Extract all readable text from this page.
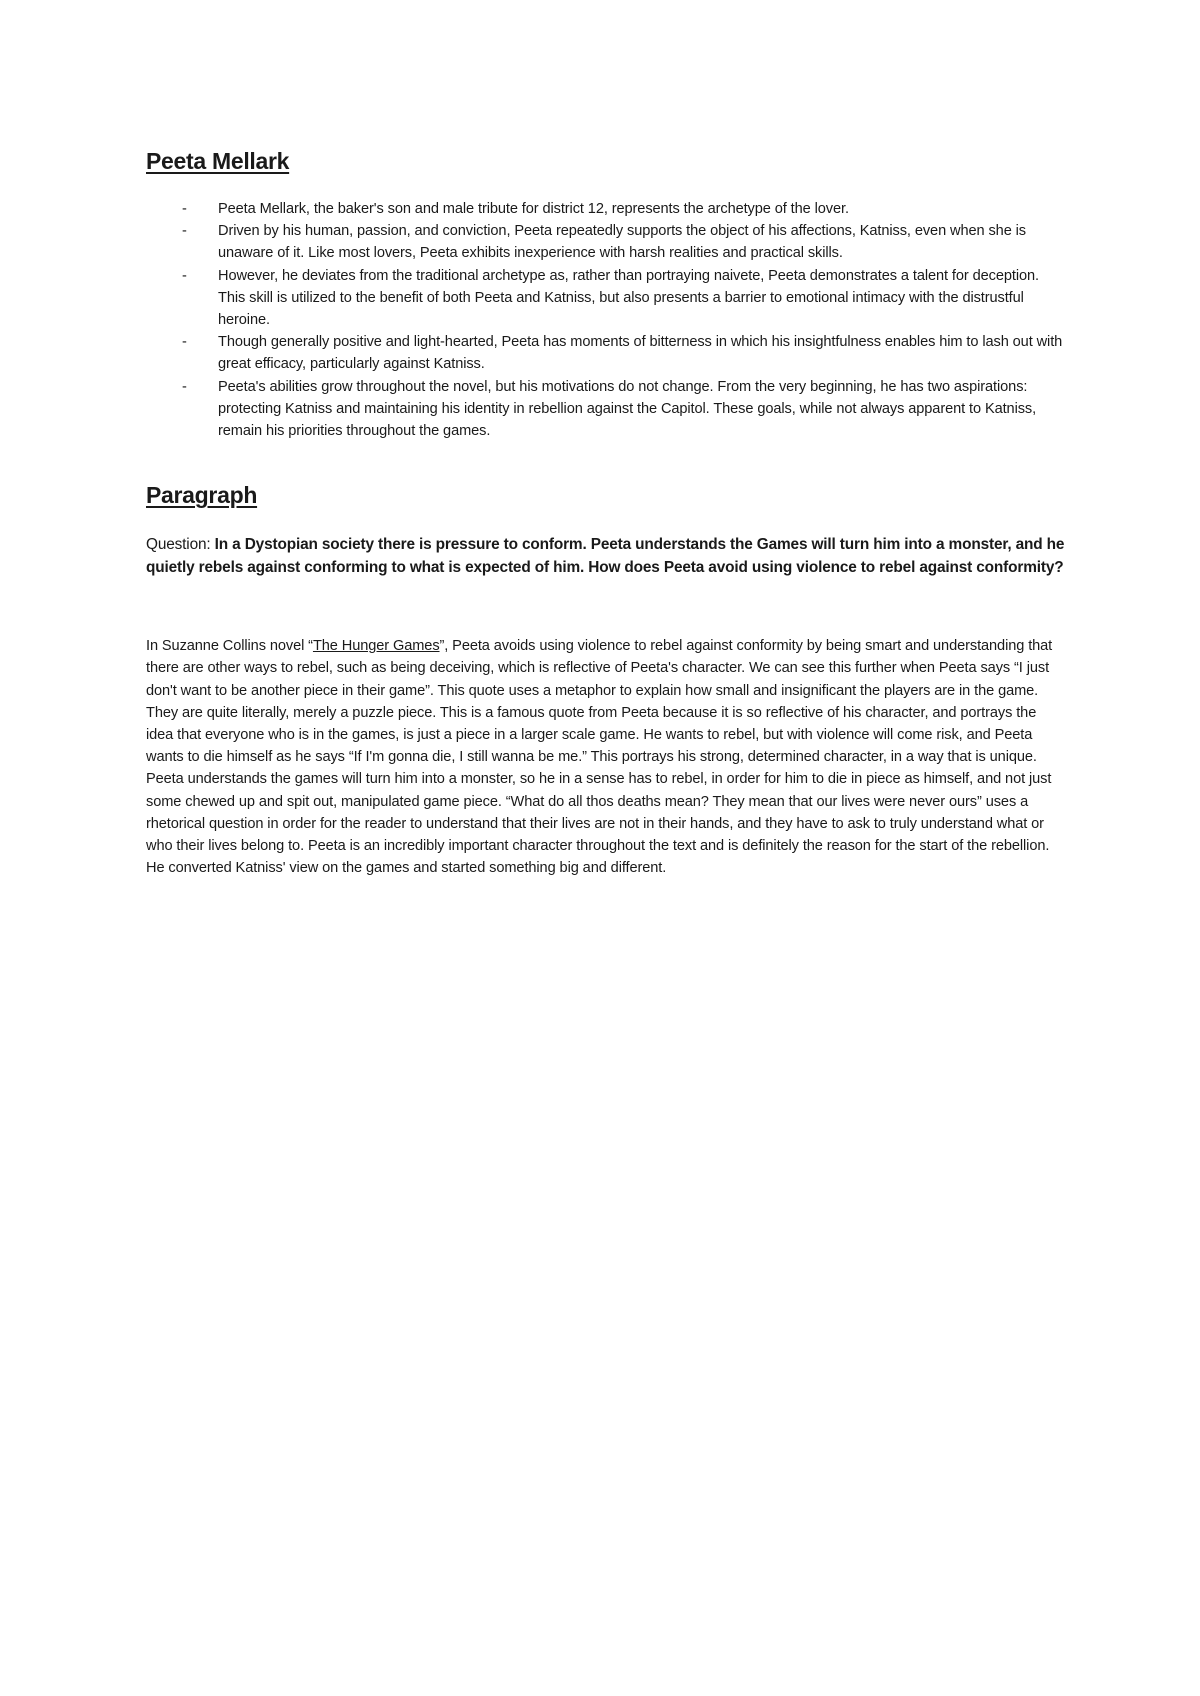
Peeta Mellark
- Peeta Mellark, the baker's son and male tribute for district 12, represents the archetype of the lover.
- Driven by his human, passion, and conviction, Peeta repeatedly supports the object of his affections, Katniss, even when she is unaware of it. Like most lovers, Peeta exhibits inexperience with harsh realities and practical skills.
- However, he deviates from the traditional archetype as, rather than portraying naivete, Peeta demonstrates a talent for deception. This skill is utilized to the benefit of both Peeta and Katniss, but also presents a barrier to emotional intimacy with the distrustful heroine.
- Though generally positive and light-hearted, Peeta has moments of bitterness in which his insightfulness enables him to lash out with great efficacy, particularly against Katniss.
- Peeta's abilities grow throughout the novel, but his motivations do not change. From the very beginning, he has two aspirations: protecting Katniss and maintaining his identity in rebellion against the Capitol. These goals, while not always apparent to Katniss, remain his priorities throughout the games.
Paragraph

Question: In a Dystopian society there is pressure to conform. Peeta understands the Games will turn him into a monster, and he quietly rebels against conforming to what is expected of him. How does Peeta avoid using violence to rebel against conformity?

In Suzanne Collins novel “The Hunger Games”, Peeta avoids using violence to rebel against conformity by being smart and understanding that there are other ways to rebel, such as being deceiving, which is reflective of Peeta's character. We can see this further when Peeta says “I just don't want to be another piece in their game”. This quote uses a metaphor to explain how small and insignificant the players are in the game. They are quite literally, merely a puzzle piece. This is a famous quote from Peeta because it is so reflective of his character, and portrays the idea that everyone who is in the games, is just a piece in a larger scale game. He wants to rebel, but with violence will come risk, and Peeta wants to die himself as he says “If I'm gonna die, I still wanna be me.” This portrays his strong, determined character, in a way that is unique. Peeta understands the games will turn him into a monster, so he in a sense has to rebel, in order for him to die in piece as himself, and not just some chewed up and spit out, manipulated game piece. “What do all thos deaths mean? They mean that our lives were never ours” uses a rhetorical question in order for the reader to understand that their lives are not in their hands, and they have to ask to truly understand what or who their lives belong to. Peeta is an incredibly important character throughout the text and is definitely the reason for the start of the rebellion. He converted Katniss' view on the games and started something big and different.
